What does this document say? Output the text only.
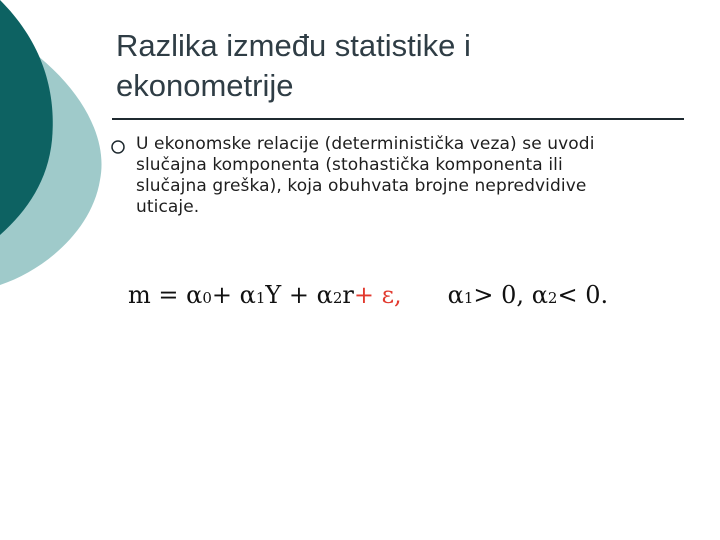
Razlika između statistike i
ekonometrije
U ekonomske relacije (deterministička veza) se uvodi slučajna komponenta (stohastička komponenta ili slučajna greška), koja obuhvata brojne nepredvidive uticaje.
m = α 0 + α 1 Y + α 2 r + ε, α 1 > 0, α 2 < 0.
